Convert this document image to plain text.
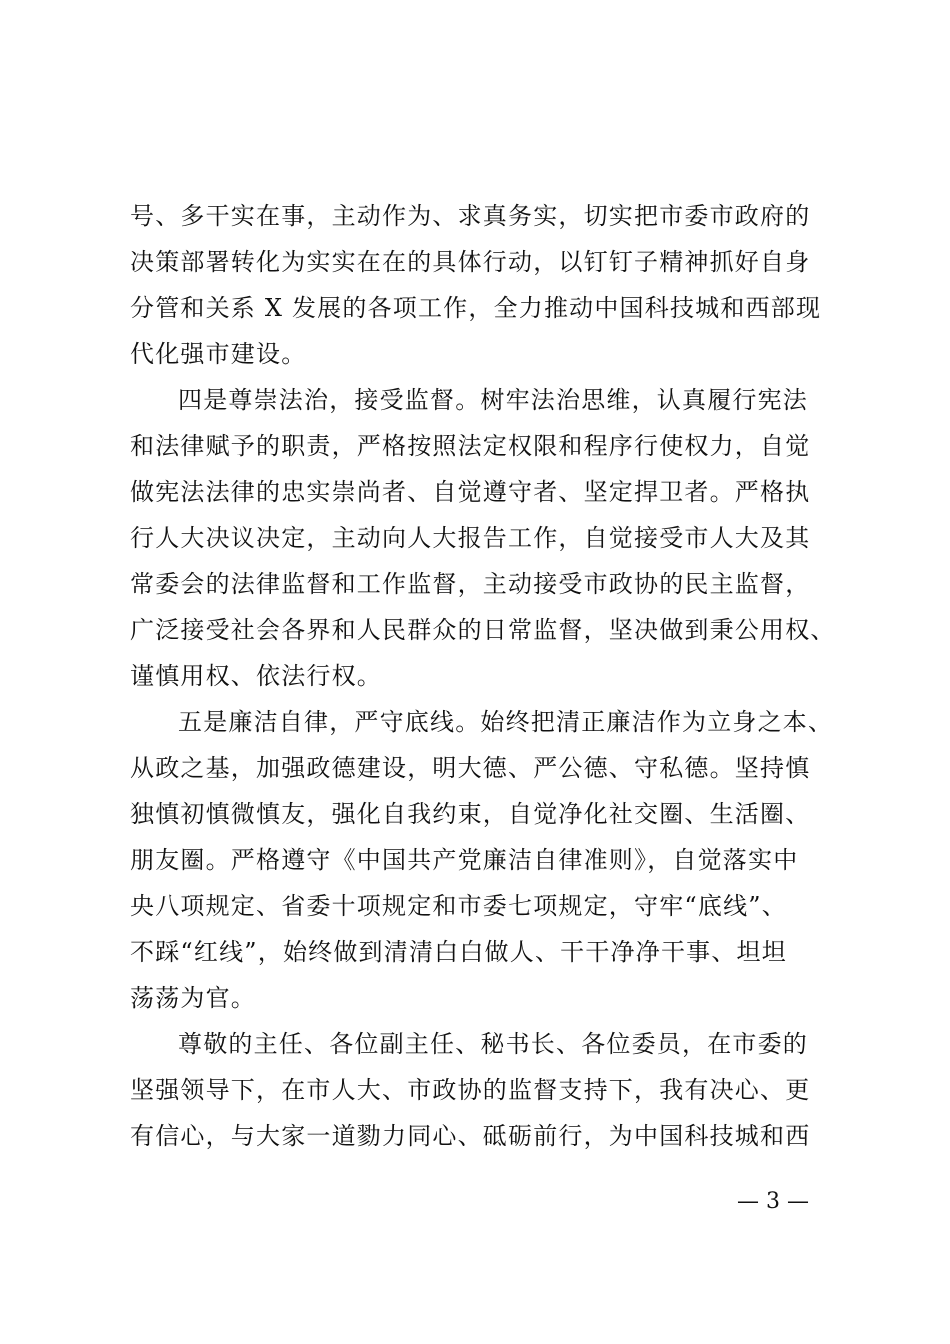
号、多干实在事，主动作为、求真务实，切实把市委市政府的
决策部署转化为实实在在的具体行动，以钉钉子精神抓好自身
分管和关系 X 发展的各项工作，全力推动中国科技城和西部现
代化强市建设。
四是尊崇法治，接受监督。树牢法治思维，认真履行宪法
和法律赋予的职责，严格按照法定权限和程序行使权力，自觉
做宪法法律的忠实崇尚者、自觉遵守者、坚定捍卫者。严格执
行人大决议决定，主动向人大报告工作，自觉接受市人大及其
常委会的法律监督和工作监督，主动接受市政协的民主监督，
广泛接受社会各界和人民群众的日常监督，坚决做到秉公用权、
谨慎用权、依法行权。
五是廉洁自律，严守底线。始终把清正廉洁作为立身之本、
从政之基，加强政德建设，明大德、严公德、守私德。坚持慎
独慎初慎微慎友，强化自我约束，自觉净化社交圈、生活圈、
朋友圈。严格遵守《中国共产党廉洁自律准则》，自觉落实中
央八项规定、省委十项规定和市委七项规定，守牢“底线”、
不踩“红线”，始终做到清清白白做人、干干净净干事、坦坦
荡荡为官。
尊敬的主任、各位副主任、秘书长、各位委员，在市委的
坚强领导下，在市人大、市政协的监督支持下，我有决心、更
有信心，与大家一道勠力同心、砥砺前行，为中国科技城和西
— 3 —
